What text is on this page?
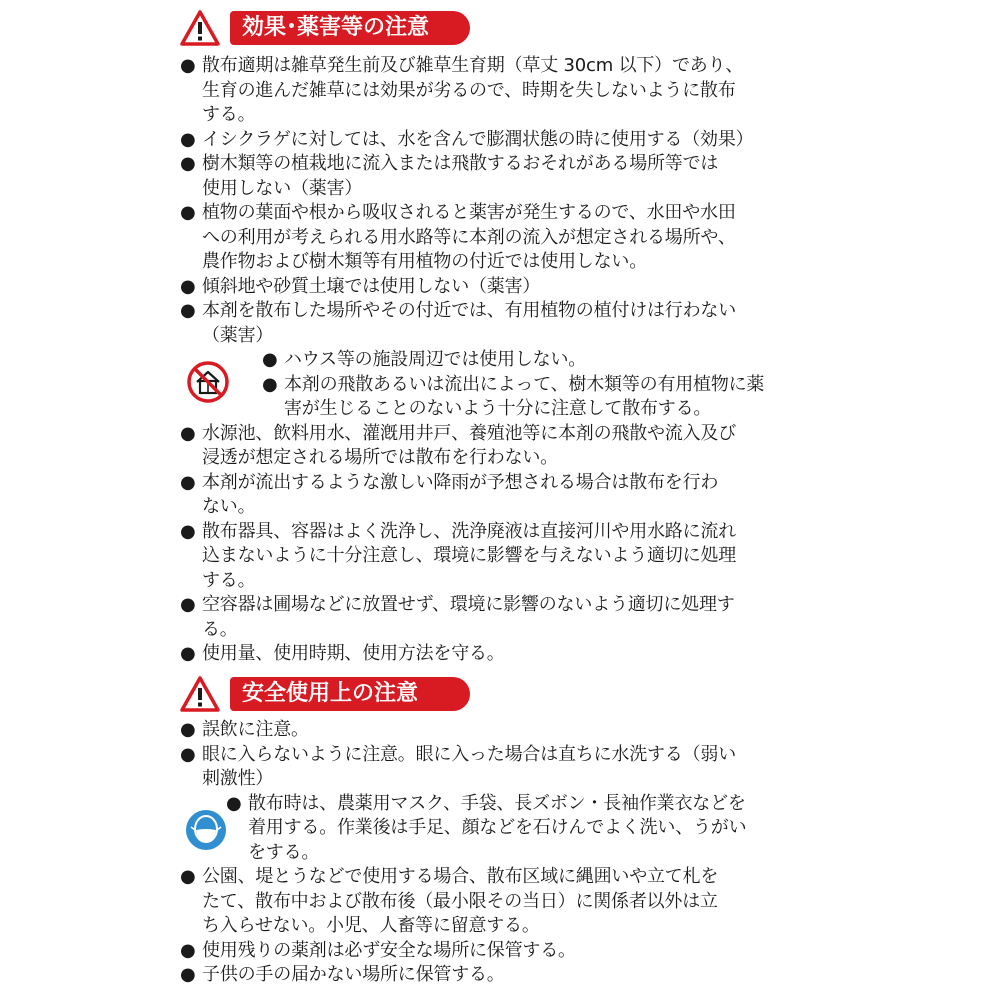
効果･薬害等の注意
● 散布適期は雑草発生前及び雑草生育期（草丈 30cm 以下）であり、
生育の進んだ雑草には効果が劣るので、時期を失しないように散布
する。
● イシクラゲに対しては、水を含んで膨潤状態の時に使用する（効果）
● 樹木類等の植栽地に流入または飛散するおそれがある場所等では
使用しない（薬害）
● 植物の葉面や根から吸収されると薬害が発生するので、水田や水田
への利用が考えられる用水路等に本剤の流入が想定される場所や、
農作物および樹木類等有用植物の付近では使用しない。
● 傾斜地や砂質土壌では使用しない（薬害）
● 本剤を散布した場所やその付近では、有用植物の植付けは行わない
（薬害）
● ハウス等の施設周辺では使用しない。
● 本剤の飛散あるいは流出によって、樹木類等の有用植物に薬
害が生じることのないよう十分に注意して散布する。
● 水源池、飲料用水、灌漑用井戸、養殖池等に本剤の飛散や流入及び
浸透が想定される場所では散布を行わない。
● 本剤が流出するような激しい降雨が予想される場合は散布を行わ
ない。
● 散布器具、容器はよく洗浄し、洗浄廃液は直接河川や用水路に流れ
込まないように十分注意し、環境に影響を与えないよう適切に処理
する。
● 空容器は圃場などに放置せず、環境に影響のないよう適切に処理す
る。
● 使用量、使用時期、使用方法を守る。
安全使用上の注意
● 誤飲に注意。
● 眼に入らないように注意。眼に入った場合は直ちに水洗する（弱い
刺激性）
● 散布時は、農薬用マスク、手袋、長ズボン・長袖作業衣などを
着用する。作業後は手足、顔などを石けんでよく洗い、うがい
をする。
● 公園、堤とうなどで使用する場合、散布区域に縄囲いや立て札を
たて、散布中および散布後（最小限その当日）に関係者以外は立
ち入らせない。小児、人畜等に留意する。
● 使用残りの薬剤は必ず安全な場所に保管する。
● 子供の手の届かない場所に保管する。
